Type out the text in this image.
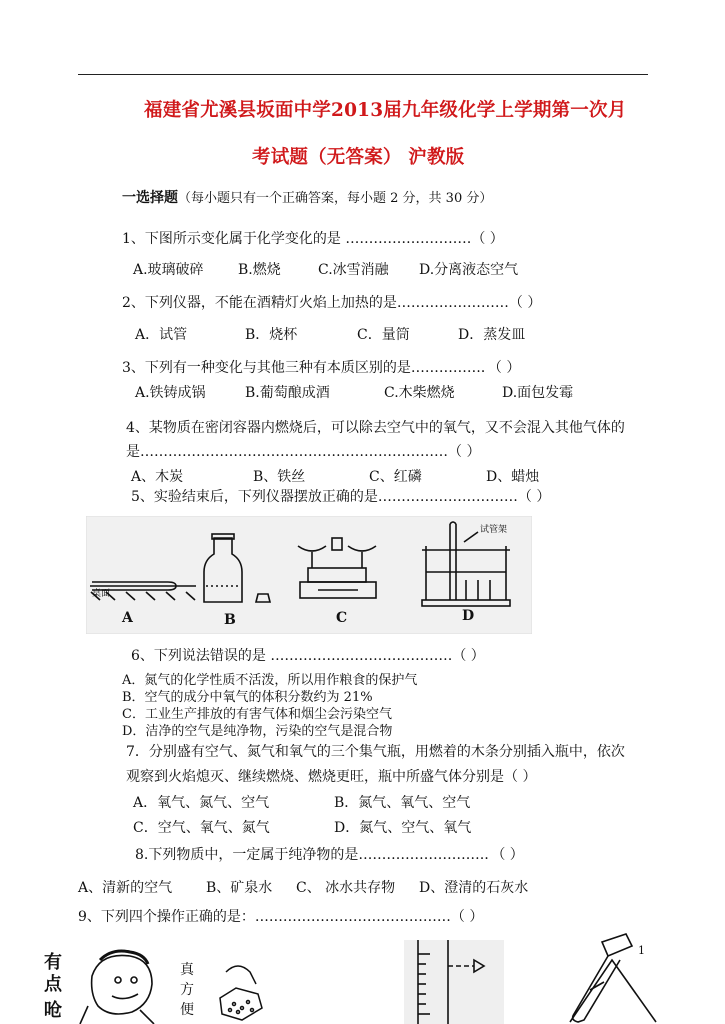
福建省尤溪县坂面中学2013届九年级化学上学期第一次月
考试题（无答案） 沪教版
一选择题（每小题只有一个正确答案，每小题 2 分，共 30 分）
1、下图所示变化属于化学变化的是 ………………………（ ）
A.玻璃破碎 B.燃烧	C.冰雪消融 D.分离液态空气
2、下列仪器，不能在酒精灯火焰上加热的是……………………（ ）
A．试管	B．烧杯	C．量筒	D．蒸发皿
3、下列有一种变化与其他三种有本质区别的是……………．（ ）
A.铁铸成锅	B.葡萄酿成酒	C.木柴燃烧	D.面包发霉
4、某物质在密闭容器内燃烧后，可以除去空气中的氧气，又不会混入其他气体的
是…………………………………………………………（ ）
A、木炭	B、铁丝	C、红磷	D、蜡烛
5、实验结束后，下列仪器摆放正确的是…………………………（ ）
桌面
A	B	C
试管架
D
6、下列说法错误的是 …………………………………（ ）
A．氮气的化学性质不活泼，所以用作粮食的保护气
B．空气的成分中氧气的体积分数约为 21%
C．工业生产排放的有害气体和烟尘会污染空气
D．洁净的空气是纯净物，污染的空气是混合物
7．分别盛有空气、氮气和氧气的三个集气瓶，用燃着的木条分别插入瓶中，依次
观察到火焰熄灭、继续燃烧、燃烧更旺，瓶中所盛气体分别是（ ）
A．氧气、氮气、空气	B．氮气、氧气、空气
C．空气、氧气、氮气	D．氮气、空气、氧气
8.下列物质中，一定属于纯净物的是………………………．（ ）
A、清新的空气 B、矿泉水 C、 冰水共存物 D、澄清的石灰水
9、下列四个操作正确的是：……………………………………（ ）
有
点
呛
真
方
便
1
